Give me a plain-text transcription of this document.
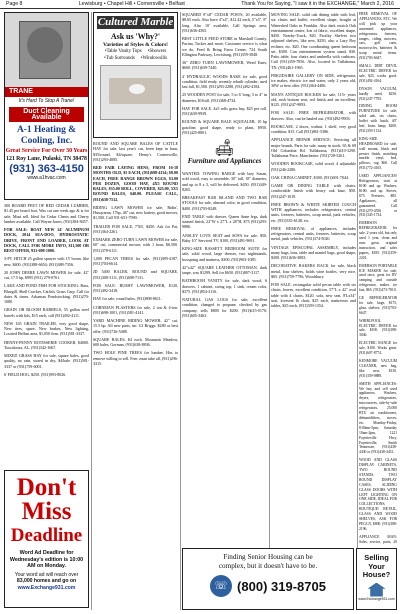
Page 8	Lewisburg • Chapel Hill • Cornersville • Belfast	Thank You for Saying, "I saw it in the EXCHANGE," March 2, 2016
TRANE
It's Hard To Stop A Trane!
Duct Cleaning Available
A-1 Heating & Cooling, Inc.
Great Service For Over 30 Years
121 Roy Lane, Pulaski, TN 38478
(931) 363-4150
www.a1hvac.com

300 BOARD FEET OF RED CEDAR LUMBER, $1.45 per board foot, Was cut one week ago & is for sale, Must sell. Ideal for Cedar Chests and Cherry lumber available. Call Wayne Jones, (931)384-8457.

FOR SALE: BOAT NEW 24' ALUMINUM DOCK, 2014 SEA-DOO, HYDROSTATIC DRIVE, FRONT END LOADER, LOOK AT DOCK, CALL FOR MORE INFO, $11,500 OR BEST OFFER, 931-698-1000.

3-PT. HITCH 25 gallon sprayer with 15' boom, like new, $400. (931)388-6654; (931)388-7356.

20 JOHN DEERE LAWN MOWER for sale, 42" cut, 17.5 hp, $995 (931) 279-0761.

LAKE AND POND FISH FOR STOCKING: Bass, Bluegill, Shell Cracker, Catfish, Grass Carp. Call for dates & times. Arkansas Pondstocking. (931)270-1080.

GRAIN OR BLOOM BARRELS, 55 gallon steel barrels with lids, $15 each, call (931)492-4111.

NEW 165 GRAIN TRAILER, very good shape, New tires, spare, New brakes, New lighting, Located Belfast area, $1,050 firm. (931)581-3337.

HENNY-PENNY ROTISSERIE COOKER, $4000. Tuscaloosa, AL, (931)342-1667.

MIXED GRASS HAY for sale, square bales, good quality, no rain, stored in dry, $4/bale. (931)581-3337 or (931)759-6001.

6' FIELD HOG, $250. (931)993-8026.

Don't
Miss
Deadline
Word Ad Deadline for Wednesday's edition is 10:00 AM on Monday.
Your word ad will reach over
83,000 homes and go on
www.Exchange931.com
Cultured Marble
Ask us 'Why?'
Varieties of Styles & Colors!
•Table Vanity Tops •Showers
•Tub Surrounds •Windowsills

ROUND AND SQUARE BALES OF CATTLE HAY for sale, last year's cut, been kept in barn, $35/round, $4/square, Henry's Cornersville, (931)293-4085.

RED FAIR LAYING HENS, FROM 16-18 MONTHS OLD, $5 EACH, (931)698-4134; $8.00 EACH, FREE RANGE BROWN EGGS, $3.00 PER DOZEN, GOOD HAY, 4X5 ROUND BALES, $35.00 ROLL, COVERED, $25.00, 5X5 ROUND BALES, $40.00. PLEASE CALL, (931)638-7512.

BIDING LAWN MOWER for sale, Ridin', Husqvarna, 17hp, 46" cut, new battery, good mower, $1,500. Call 931-651-7990.

TRAILER FOR SALE, 7'X6', $450. Ask for Pat, (931)364-2261.

EXMARK ZERO TURN LAWN MOWER for sale, 60" cut, commercial mower, with 1 hour, $6,500. (931)378-6111.

1,000 PECAN TREES for sale, (931)389-4187, (931)704-6614.

JD 5400 BALER, ROUND and SQUARE, (931)308-3111, (931)698-7131.

FOR SALE: BUSHY LAWNMOWER, $120, (931)492-3418.

HAY for sale, round bales, (931)808-8611.

CORNMAN PLASTERS for sale, 2 ton & 4-ton. (931)698-1001, (931)581-4141.

YARD MACHINE RIDING MOWER, 42" cut, 15.5 hp. All new parts, inc 1/2 Briggs. $280 or best offer. (931)726-5488.

SQUARE BALES, $4 each. Mountain Meadow, 600 bales, Gorman, (931)638-8836.

TWO HOLE PINE TREES for lumber, Has to remove willing to sell. Free, must take all, (931)296-3315.

SQUARED 8"x8" CEDAR POSTS, 20 available, $8.65 each. Also have 4"x4", $12.42 each, 5"x5", 8" long. Also 10' available, Call Springs area, (931)636-4565.

BEST LITTLE FEED STORE in Marshall County, Purina, Tucker and more, Customer service is what we do, Feed & Bring Farm Center, 724 South Ellington Parkway, Lewisburg, (931)359-3848.

36" ZERO TURN LAWNMOWER, Weed Eater, $600. (931)639-7440.

4' HYDRAULIC WOODS RAKE for sale, good condition, field ready, recently rebuilt cylinder, used last fall, $1,500. (931)293-2288, (931)492-4184.

25 WOODEN POST for sale, 5 to 6' long, 3 to 4" in diameter, $16/all. (931)368-4734.

HAY FOR SALE, 4x5 rolls grass hay, $25 per roll. (931)639-9939.

ROUND & SQUARE BALE SQUEALER, 10 hp gasoline, good shape, ready to plant, $950. (931)425-8801.

🛋
Furniture and Appliances

WANTED: TOWING BARGE with lazy Susan, sold wood, easy to assemble, 30" tall, 18" diameter, and up to 8 x 3, will be delivered, $450. (931)349-8265.

BREAKFAST BAR ISLAND AND TWO BAR STOOLS for sale, almond color, in good condition, $400. (931)703-8248.

END TABLE with drawer, Queen Anne legs, dark stained finish, 22"W x 27"L x 28"H, $75 (931)293-9886.

ANSLEY LOVE SEAT and SOFA for sale, $50, Baby 10" Serviced TV, $100, (931)491-9691.

KING-SIZE BASSETT BEDROOM SUITE for sale, solid wood, large dresser, two nightstands, boxspring and mattress, $300, (931)903-1085.

42"x42" SQUARE LEATHER OTTOMAN, dark taupe, was $1299, Sell for $650. (931)807-3117.

BATHROOM VANITY for sale, dark wood, 6 drawers, 1 cabinet, swing top, 1 sink, cream color, $375. (931)854-3116.

NATURAL GAS LOGS for sale, excellent condition, changed to propane, checked by gas company, sells $800 for $200. (931)615-0170; (931)605-3463.

Finding Senior Housing can be
complex, but it doesn't have to be.
☏ (800) 319-8705

MOVING SALE: solid oak dining table with leaf, six chairs and buffet, excellent shape, bought at Watershed Oaks in Franklin. Also dark ostrich Oak entertainment center, lots of fabric, excellent shape, $450. Nearby-Truck, $20. Facility Shelves two adjusted shelves, like new, $250, also a Lazy Boy recliner, etc. $20. One coordinating queen bedroom set, $300. Can entertainment system stand, $30. Patio table, four chairs and umbrella with cushions. Call (931)359-7856. Also, located in Tullahoma, TN. (931)461-1965.

FRIGIDAIRE GALLERY ON SIDE, refrigerator, ice maker, electric ice and water, only 2 years old, 30W or best offer. (931)364-4486.

MAN'S ANTIQUE ROCKER for sale, 115+ years old, rush bottom seat, red finish and an excellent, $125. (931)247-9893.

FOR SALE: FREE REFRIGERATOR, with drawers. Also, can be hauled out. (931)492-9903.

BOOKCASE, 2 doors, walnut, 1 shelf, very good condition, $15. Call (931)861-5386.

APPLIANCE REPAIR SERVICE: Servicing all major brands. Parts for sale, many in stock. 65 & 69 Old Columbia Rd. Tullahoma, (931)410-3290. Tullahoma Price, Manchester. (931)728-5261.

WOODEN BOOKCASE, solid wood, 4 adjustable (931)246-2286.

OAK CHINA CABINET, $300, (931)691-7044.

GAME OR DINING TABLE with chairs, comfortable finish with heavy oak base, $50. (931)247-1019.

FREE BROWN & WHITE SKIRTED COUCH WITH appliances, includes refrigerators, central units, freezers, batteries, scrap metal, junk vehicles, etc. (931)335-6148, etc.

FREE REMOVAL of appliances, includes refrigerators, central units, freezers, batteries, scrap metal, junk vehicles, (931)374-5020.

VINTAGE EPISCOPAL ASSEMBLY, includes many bags, bras, table and mantel bags, good shape, $300. (931)636-3883.

DECORATIVE BAKERS RACK for sale, black metal, four shelves, holds wine bottles, very nice, $65. (931)759-7796, Woodsbury.

FOR SALE, rectangular solid pecan table with six chairs, leaves, excellent condition, 57"L x 42" oval table with 4 chairs, $120. sofa, new seat, 8'Lx34" seat, loveseat & chair, $25 each, mattresses and tables, $25 each, (931)359-1354.

Selling
Your
House?
www.Exchange931.com

FREE REMOVAL OF APPLIANCES, ETC. We will pick up your unwanted appliances, refrigerators, freezers, ranges, riding mowers, cars, golf carts, motorcycles, batteries & scrap metal items. (931)703-6647.

SMALL DIRT DEVIL ELECTRIC DRYER for sale, $25, works good. (931)492-4164.

DYSON VACUUM, hardly used, $250. (931)247-7793.

DINING ROOM FURNITURE for sale, solid oak, six chairs, buffet with hutch, 40" leaf, brass lamp, $200. (931)359-1134.

KING-SIZE HEADBOARD for sale, wall mount, black and pewter finish, matching marble vinyl, bed, pillows, rug $60. Call (931)772-4165.

USED APPLIANCES! Refrigerators, start at $100 and up. Washers, $100; and up. Stoves, $75. Freezers, $85. Appliances, all guaranteed. Call (931)270-4556 or (931)345-1734.

EMERSON REFRIGERATOR for sale, 2 years old, but only used 1 year, clean and runs great, original instruction, and sales papers, $185. (931)359-2201.

EMERSON PORTABLE ICE MAKER for sale, used once, great for RV camping and outside refrigerator, makes ice fast, $65. (931)473-7810.

GE REFRIGERATOR for sale, large, $175, glass shelves. (931)703-6647.

WHIRLPOOL ELECTRIC DRYER for sale, $100. (931)388-3046.

ELECTRIC RANGE for sale, $100. Works great. (931)607-8774.

KENMORE VACUUM CLEANER, new bag, like new, $130. (931)359-9888.

SMITH APPLIANCES: We buy and sell used appliances, Washers, dryers, refrigerators, microwaves, side-by-side refrigerators, 25,000 BTU air conditioners, dehumidifiers, stoves, etc. Monday-Friday, 8:00am-5pm, Saturday 10am-2pm, 1221 Fayetteville Hwy, Fayetteville, Smith Tennessee, (931)438-4430 or (931)438-4431.

WOOD AND GLASS DISPLAY CABINETS, TWO ROUND STANDS, TWO ROUND DISPLAY CASES, SLIDING GLASS DOORS WITH LEFT LIGHTING ON ONE SIDE, IDEAL FOR COLLECTIONS, BOUTIQUE/ RETAIL, GLASS AND WOOD SHELVES, ASK FOR PEGGY, $800. (931)388-2196.

APPLIANCE MAN: Sales, service, parts, 20
